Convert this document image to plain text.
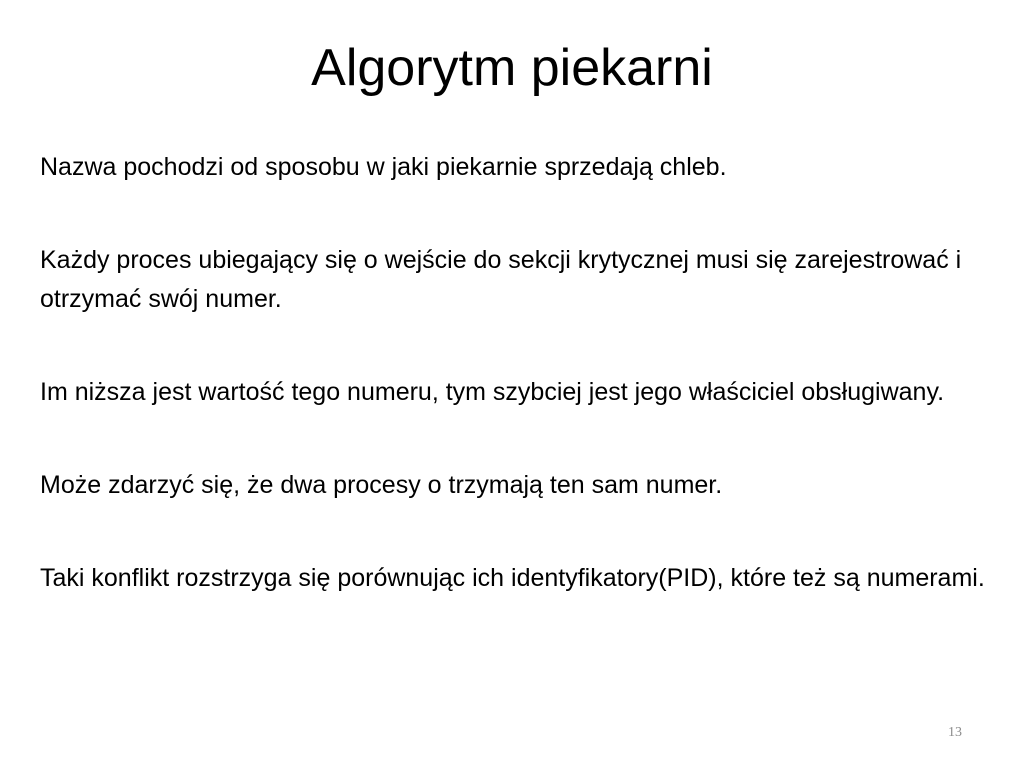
Algorytm piekarni

Nazwa pochodzi od sposobu w jaki piekarnie sprzedają chleb.

Każdy proces ubiegający się o wejście do sekcji krytycznej musi się zarejestrować i otrzymać swój numer.

Im niższa jest wartość tego numeru, tym szybciej jest jego właściciel obsługiwany.

Może zdarzyć się, że dwa procesy o trzymają ten sam numer.

Taki konflikt rozstrzyga się porównując ich identyfikatory(PID), które też są numerami.

13
